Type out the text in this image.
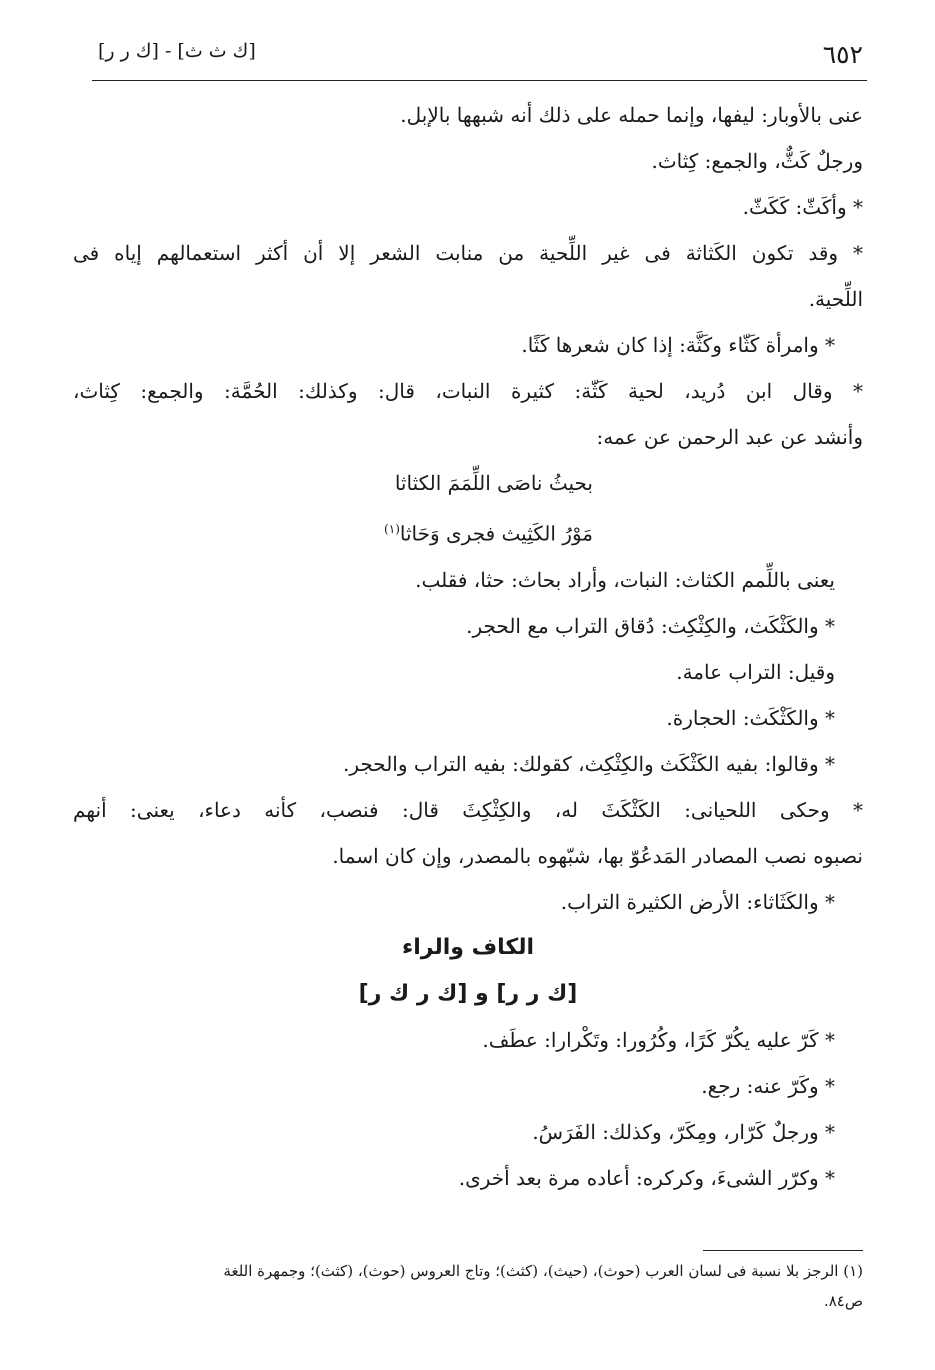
٦٥٢
[ك ث ث] - [ك ر ر]
عنى بالأوبار: ليفها، وإنما حمله على ذلك أنه شبهها بالإبل.
ورجلٌ كَثٌّ، والجمع: كِثاث.
* وأكَثّ: كَكَثّ.
* وقد تكون الكَثاثة فى غير اللِّحية من منابت الشعر إلا أن أكثر استعمالهم إياه فى
اللِّحية.
* وامرأة كَثّاء وكَثَّة: إذا كان شعرها كَثًا.
* وقال ابن دُريد، لحية كَثّة: كثيرة النبات، قال: وكذلك: الحُمَّة: والجمع: كِثاث،
وأنشد عن عبد الرحمن عن عمه:
بحيثُ ناصَى اللِّمَمَ الكثاثا
مَوْرُ الكَثِيث فجرى وَحَاثا$^{(١)}$
يعنى باللِّمم الكثاث: النبات، وأراد بحاث: حثا، فقلب.
* والكَثْكَث، والكِثْكِث: دُقاق التراب مع الحجر.
وقيل: التراب عامة.
* والكَثْكَث: الحجارة.
* وقالوا: بفيه الكَثْكَث والكِثْكِث، كقولك: بفيه التراب والحجر.
* وحكى اللحيانى: الكَثْكَثَ له، والكِثْكِثَ قال: فنصب، كأنه دعاء، يعنى: أنهم
نصبوه نصب المصادر المَدعُوّ بها، شبّهوه بالمصدر، وإن كان اسما.
* والكَثَاثاء: الأرض الكثيرة التراب.
الكاف والراء
[ك ر ر] و [ك ر ك ر]
* كَرّ عليه يكُرّ كَرًا، وكُرُورا: وتَكْرارا: عطَف.
* وكَرّ عنه: رجع.
* ورجلٌ كَرّار، ومِكَرّ، وكذلك: الفَرَسُ.
* وكرّر الشىءَ، وكركره: أعاده مرة بعد أخرى.
(١) الرجز بلا نسبة فى لسان العرب (حوث)، (حيث)، (كثث)؛ وتاج العروس (حوث)، (كثث)؛ وجمهرة اللغة
ص٨٤.
